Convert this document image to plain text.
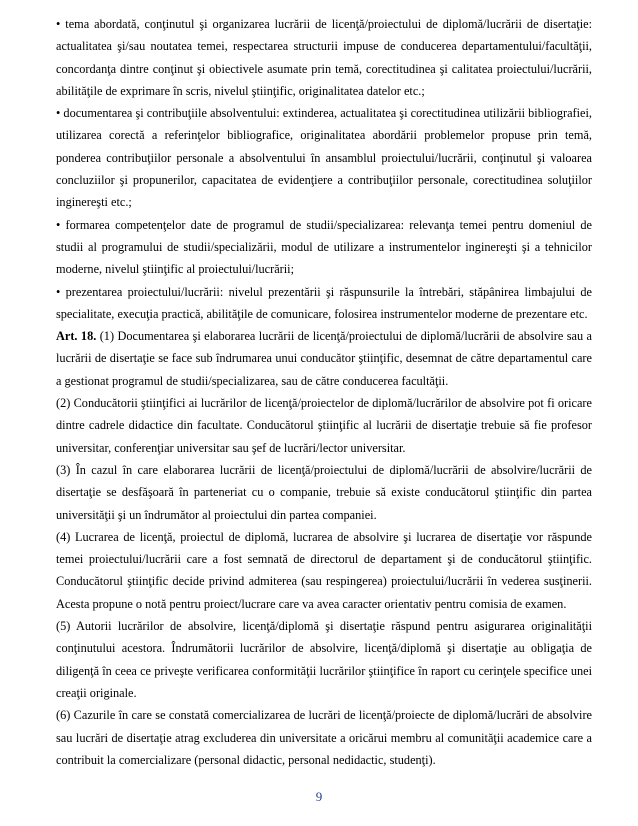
• tema abordată, conţinutul şi organizarea lucrării de licenţă/proiectului de diplomă/lucrării de disertaţie: actualitatea şi/sau noutatea temei, respectarea structurii impuse de conducerea departamentului/facultăţii, concordanţa dintre conţinut şi obiectivele asumate prin temă, corectitudinea şi calitatea proiectului/lucrării, abilităţile de exprimare în scris, nivelul ştiinţific, originalitatea datelor etc.;

• documentarea şi contribuţiile absolventului: extinderea, actualitatea şi corectitudinea utilizării bibliografiei, utilizarea corectă a referinţelor bibliografice, originalitatea abordării problemelor propuse prin temă, ponderea contribuţiilor personale a absolventului în ansamblul proiectului/lucrării, conţinutul şi valoarea concluziilor şi propunerilor, capacitatea de evidenţiere a contribuţiilor personale, corectitudinea soluţiilor inginereşti etc.;

• formarea competenţelor date de programul de studii/specializarea: relevanţa temei pentru domeniul de studii al programului de studii/specializării, modul de utilizare a instrumentelor inginereşti şi a tehnicilor moderne, nivelul ştiinţific al proiectului/lucrării;

• prezentarea proiectului/lucrării: nivelul prezentării şi răspunsurile la întrebări, stăpânirea limbajului de specialitate, execuţia practică, abilităţile de comunicare, folosirea instrumentelor moderne de prezentare etc.

Art. 18. (1) Documentarea şi elaborarea lucrării de licenţă/proiectului de diplomă/lucrării de absolvire sau a lucrării de disertaţie se face sub îndrumarea unui conducător ştiinţific, desemnat de către departamentul care a gestionat programul de studii/specializarea, sau de către conducerea facultăţii.

(2) Conducătorii ştiinţifici ai lucrărilor de licenţă/proiectelor de diplomă/lucrărilor de absolvire pot fi oricare dintre cadrele didactice din facultate. Conducătorul ştiinţific al lucrării de disertaţie trebuie să fie profesor universitar, conferenţiar universitar sau şef de lucrări/lector universitar.

(3) În cazul în care elaborarea lucrării de licenţă/proiectului de diplomă/lucrării de absolvire/lucrării de disertaţie se desfăşoară în parteneriat cu o companie, trebuie să existe conducătorul ştiinţific din partea universităţii şi un îndrumător al proiectului din partea companiei.

(4) Lucrarea de licenţă, proiectul de diplomă, lucrarea de absolvire şi lucrarea de disertaţie vor răspunde temei proiectului/lucrării care a fost semnată de directorul de departament şi de conducătorul ştiinţific. Conducătorul ştiinţific decide privind admiterea (sau respingerea) proiectului/lucrării în vederea susţinerii. Acesta propune o notă pentru proiect/lucrare care va avea caracter orientativ pentru comisia de examen.

(5) Autorii lucrărilor de absolvire, licenţă/diplomă şi disertaţie răspund pentru asigurarea originalităţii conţinutului acestora. Îndrumătorii lucrărilor de absolvire, licenţă/diplomă şi disertaţie au obligaţia de diligenţă în ceea ce priveşte verificarea conformităţii lucrărilor ştiinţifice în raport cu cerinţele specifice unei creaţii originale.

(6) Cazurile în care se constată comercializarea de lucrări de licenţă/proiecte de diplomă/lucrări de absolvire sau lucrări de disertaţie atrag excluderea din universitate a oricărui membru al comunităţii academice care a contribuit la comercializare (personal didactic, personal nedidactic, studenţi).

9
